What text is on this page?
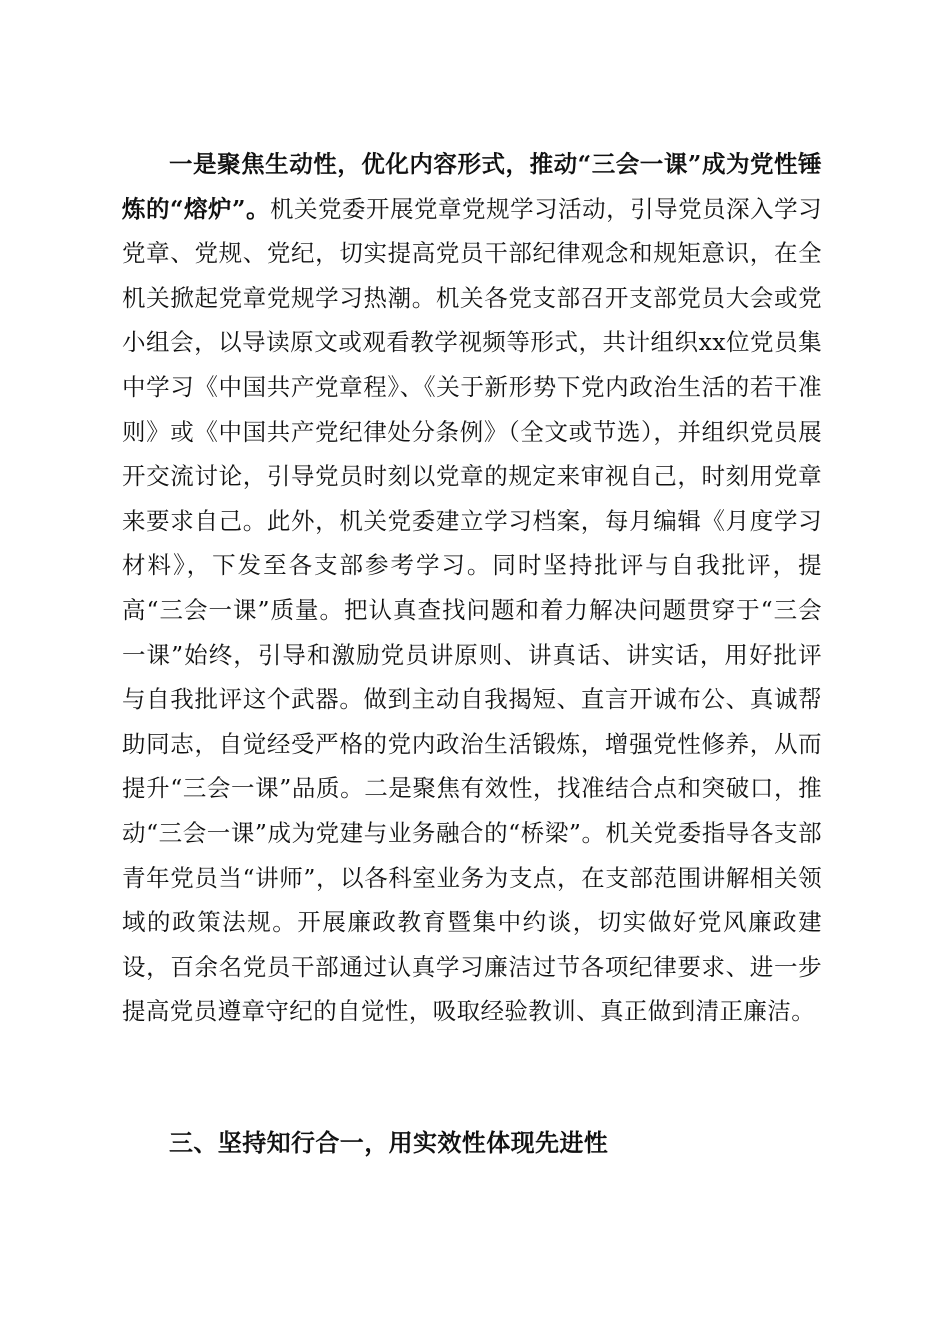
一是聚焦生动性，优化内容形式，推动“三会一课”成为党性锤炼的“熔炉”。机关党委开展党章党规学习活动，引导党员深入学习党章、党规、党纪，切实提高党员干部纪律观念和规矩意识，在全机关掀起党章党规学习热潮。机关各党支部召开支部党员大会或党小组会，以导读原文或观看教学视频等形式，共计组织xx位党员集中学习《中国共产党章程》、《关于新形势下党内政治生活的若干准则》或《中国共产党纪律处分条例》（全文或节选），并组织党员展开交流讨论，引导党员时刻以党章的规定来审视自己，时刻用党章来要求自己。此外，机关党委建立学习档案，每月编辑《月度学习材料》，下发至各支部参考学习。同时坚持批评与自我批评，提高“三会一课”质量。把认真查找问题和着力解决问题贯穿于“三会一课”始终，引导和激励党员讲原则、讲真话、讲实话，用好批评与自我批评这个武器。做到主动自我揭短、直言开诚布公、真诚帮助同志，自觉经受严格的党内政治生活锻炼，增强党性修养，从而提升“三会一课”品质。二是聚焦有效性，找准结合点和突破口，推动“三会一课”成为党建与业务融合的“桥梁”。机关党委指导各支部青年党员当“讲师”，以各科室业务为支点，在支部范围讲解相关领域的政策法规。开展廉政教育暨集中约谈，切实做好党风廉政建设，百余名党员干部通过认真学习廉洁过节各项纪律要求、进一步提高党员遵章守纪的自觉性，吸取经验教训、真正做到清正廉洁。

三、坚持知行合一，用实效性体现先进性
